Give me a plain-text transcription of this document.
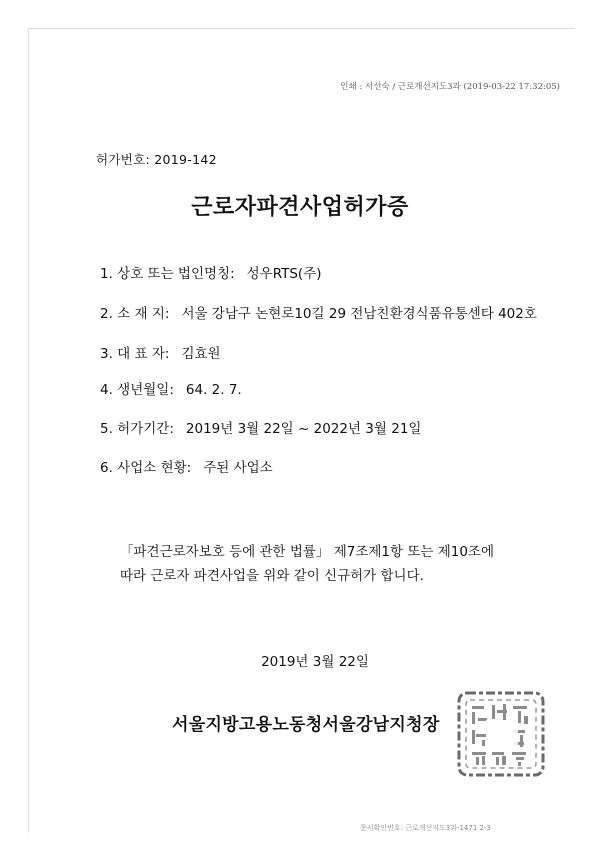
인쇄 : 서선숙 / 근로개선지도3과 (2019-03-22 17:32:05)
허가번호: 2019-142
근로자파견사업허가증
1. 상호 또는 법인명칭: 성우RTS(주)
2. 소 재 지: 서울 강남구 논현로10길 29 전남친환경식품유통센타 402호
3. 대 표 자: 김효원
4. 생년월일: 64. 2. 7.
5. 허가기간: 2019년 3월 22일 ~ 2022년 3월 21일
6. 사업소 현황: 주된 사업소
「파견근로자보호 등에 관한 법률」 제7조제1항 또는 제10조에
따라 근로자 파견사업을 위와 같이 신규허가 합니다.
2019년 3월 22일
서울지방고용노동청서울강남지청장
문서확인번호: 근로개선지도3과-1471 2-3
